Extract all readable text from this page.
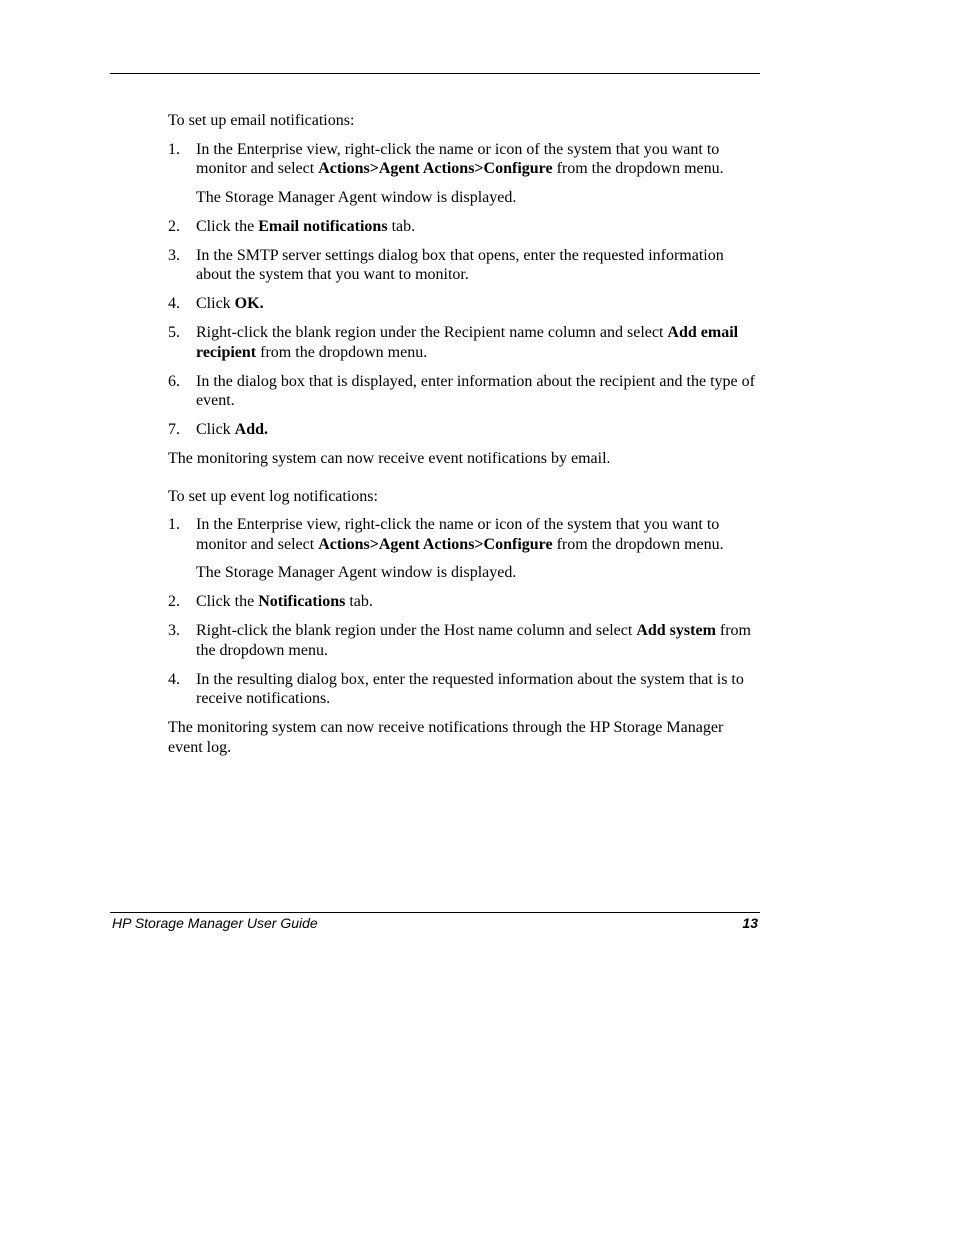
To set up email notifications:

1. In the Enterprise view, right-click the name or icon of the system that you want to monitor and select Actions>Agent Actions>Configure from the dropdown menu.
The Storage Manager Agent window is displayed.
2. Click the Email notifications tab.
3. In the SMTP server settings dialog box that opens, enter the requested information about the system that you want to monitor.
4. Click OK.
5. Right-click the blank region under the Recipient name column and select Add email recipient from the dropdown menu.
6. In the dialog box that is displayed, enter information about the recipient and the type of event.
7. Click Add.

The monitoring system can now receive event notifications by email.

To set up event log notifications:

1. In the Enterprise view, right-click the name or icon of the system that you want to monitor and select Actions>Agent Actions>Configure from the dropdown menu.
The Storage Manager Agent window is displayed.
2. Click the Notifications tab.
3. Right-click the blank region under the Host name column and select Add system from the dropdown menu.
4. In the resulting dialog box, enter the requested information about the system that is to receive notifications.

The monitoring system can now receive notifications through the HP Storage Manager event log.

HP Storage Manager User Guide	13
